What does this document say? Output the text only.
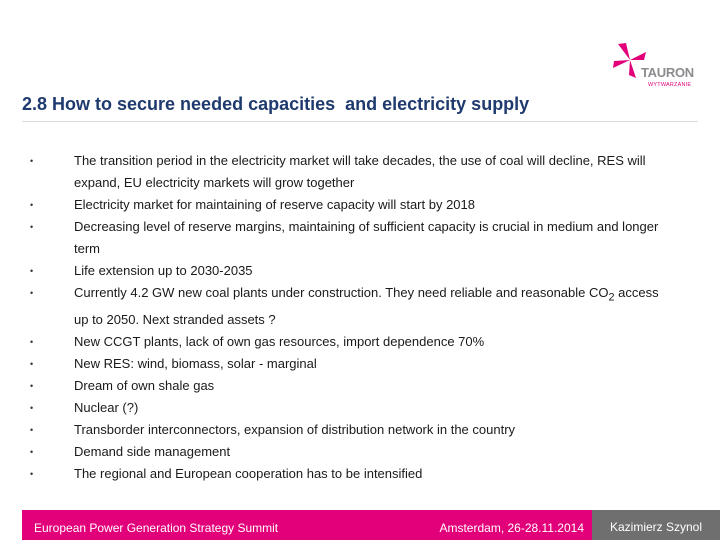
TAURON
WYTWARZANIE
2.8 How to secure needed capacities  and electricity supply
•	The transition period in the electricity market will take decades, the use of coal will decline, RES will expand, EU electricity markets will grow together
•	Electricity market for maintaining of reserve capacity will start by 2018
•	Decreasing level of reserve margins, maintaining of sufficient capacity is crucial in medium and longer term
•	Life extension up to 2030-2035
•	Currently 4.2 GW new coal plants under construction. They need reliable and reasonable $CO_2$ access up to 2050. Next stranded assets ?
•	New CCGT plants, lack of own gas resources, import dependence 70%
•	New RES: wind, biomass, solar - marginal
•	Dream of own shale gas
•	Nuclear (?)
•	Transborder interconnectors, expansion of distribution network in the country
•	Demand side management
•	The regional and European cooperation has to be intensified
European Power Generation Strategy Summit	Amsterdam, 26-28.11.2014	Kazimierz Szynol
